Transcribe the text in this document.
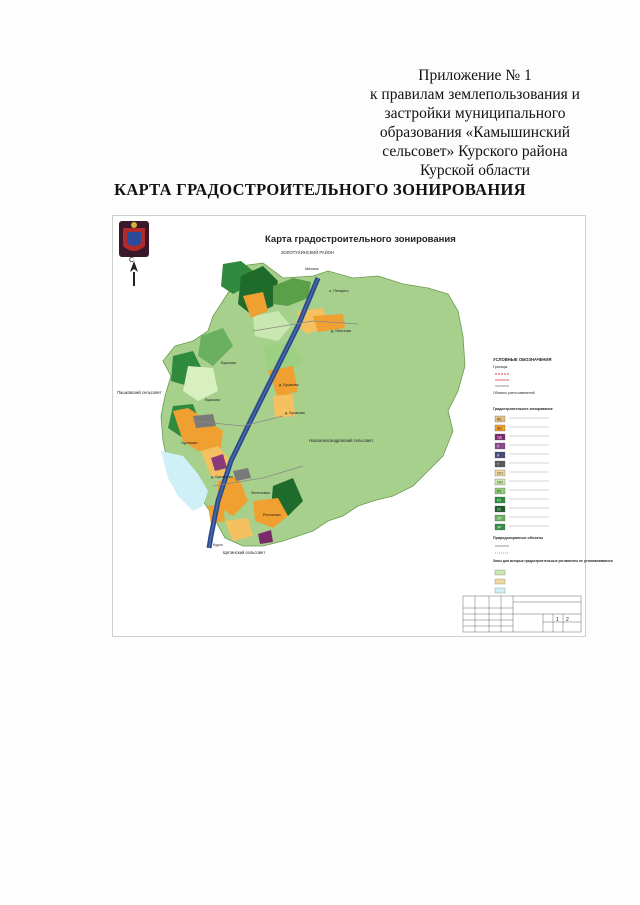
Приложение № 1
к правилам землепользования и
застройки муниципального
образования «Камышинский
сельсовет» Курского района
Курской области
КАРТА ГРАДОСТРОИТЕЛЬНОГО ЗОНИРОВАНИЯ
С
Карта градостроительного зонирования
ЗОЛОТУХИНСКИЙ РАЙОН
Пашковский сельсовет
Новоалександровский сельсовет
Щетинский сельсовет
Мячина
п. Пенцино
д. Махнова
Бушково
д. Бушкова
д. Бушкова
Бушково
Чуриково
д. Брежнево
Зеленовка
Рогозинка
Курск
УСЛОВНЫЕ ОБОЗНАЧЕНИЯ
Границы
Объекты учета изменений
Градостроительное зонирование
Ж1
Ж2
ОД
П
И
Т
СХ1
СХ2
Р1
Р2
Сп
ЗЛ
ЗР
Природоохранные объекты
Зоны для которых градостроительные регламенты не устанавливаются
1 2
